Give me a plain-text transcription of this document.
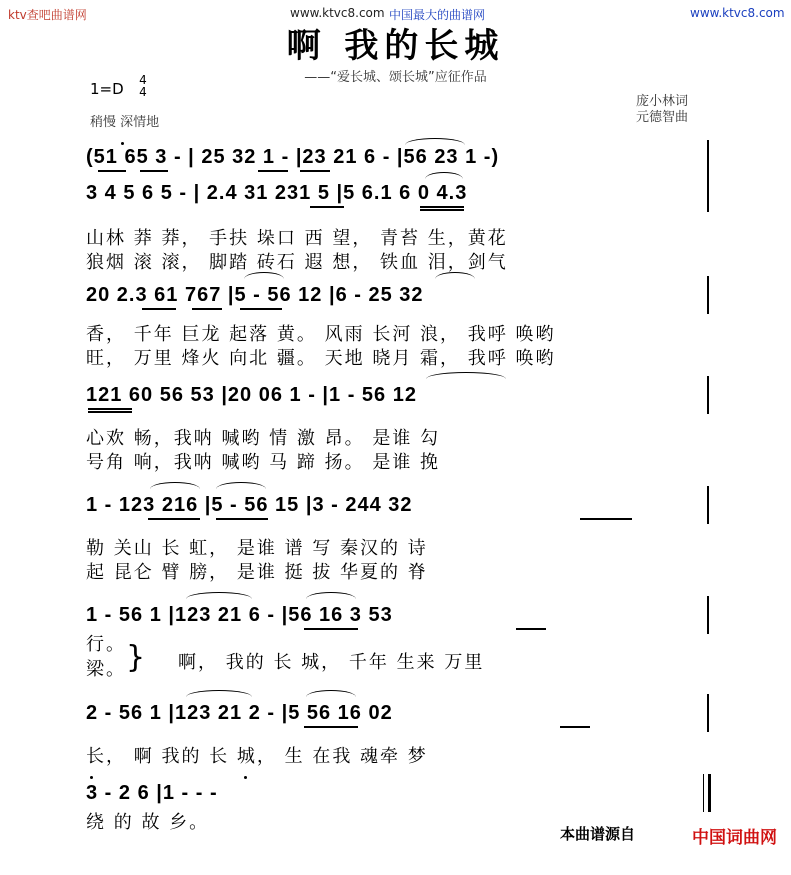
ktv查吧曲谱网	www.ktvc8.com 中国最大的曲谱网	www.ktvc8.com
啊 我的长城
——“爱长城、颂长城”应征作品
1=D 4
4
稍慢 深情地
庞小林词
元德智曲
(51 65 3 - | 25 32 1 - |23 21 6 - |56 23 1 -)
3 4 5 6 5 - | 2.4 31 231 5 |5 6.1 6 0 4.3
山林 莽 莽， 手扶 垛口 西 望， 青苔 生，黄花
狼烟 滚 滚， 脚踏 砖石 遐 想， 铁血 泪，剑气
20 2.3 61 767 |5 - 56 12 |6 - 25 32
香， 千年 巨龙 起落 黄。 风雨 长河 浪， 我呼 唤哟
旺， 万里 烽火 向北 疆。 天地 晓月 霜， 我呼 唤哟
121 60 56 53 |20 06 1 - |1 - 56 12
心欢 畅，我呐 喊哟 情 激 昂。 是谁 勾
号角 响，我呐 喊哟 马 蹄 扬。 是谁 挽
1 - 123 216 |5 - 56 15 |3 - 244 32
勒 关山 长 虹， 是谁 谱 写 秦汉的 诗
起 昆仑 臂 膀， 是谁 挺 拔 华夏的 脊
1 - 56 1 |123 21 6 - |56 16 3 53
行。
梁。 } 啊， 我的 长 城， 千年 生来 万里
2 - 56 1 |123 21 2 - |5 56 16 02
长， 啊 我的 长 城， 生 在我 魂牵 梦
3 - 2 6 |1 - - -
绕 的 故 乡。
本曲谱源自	中国词曲网
